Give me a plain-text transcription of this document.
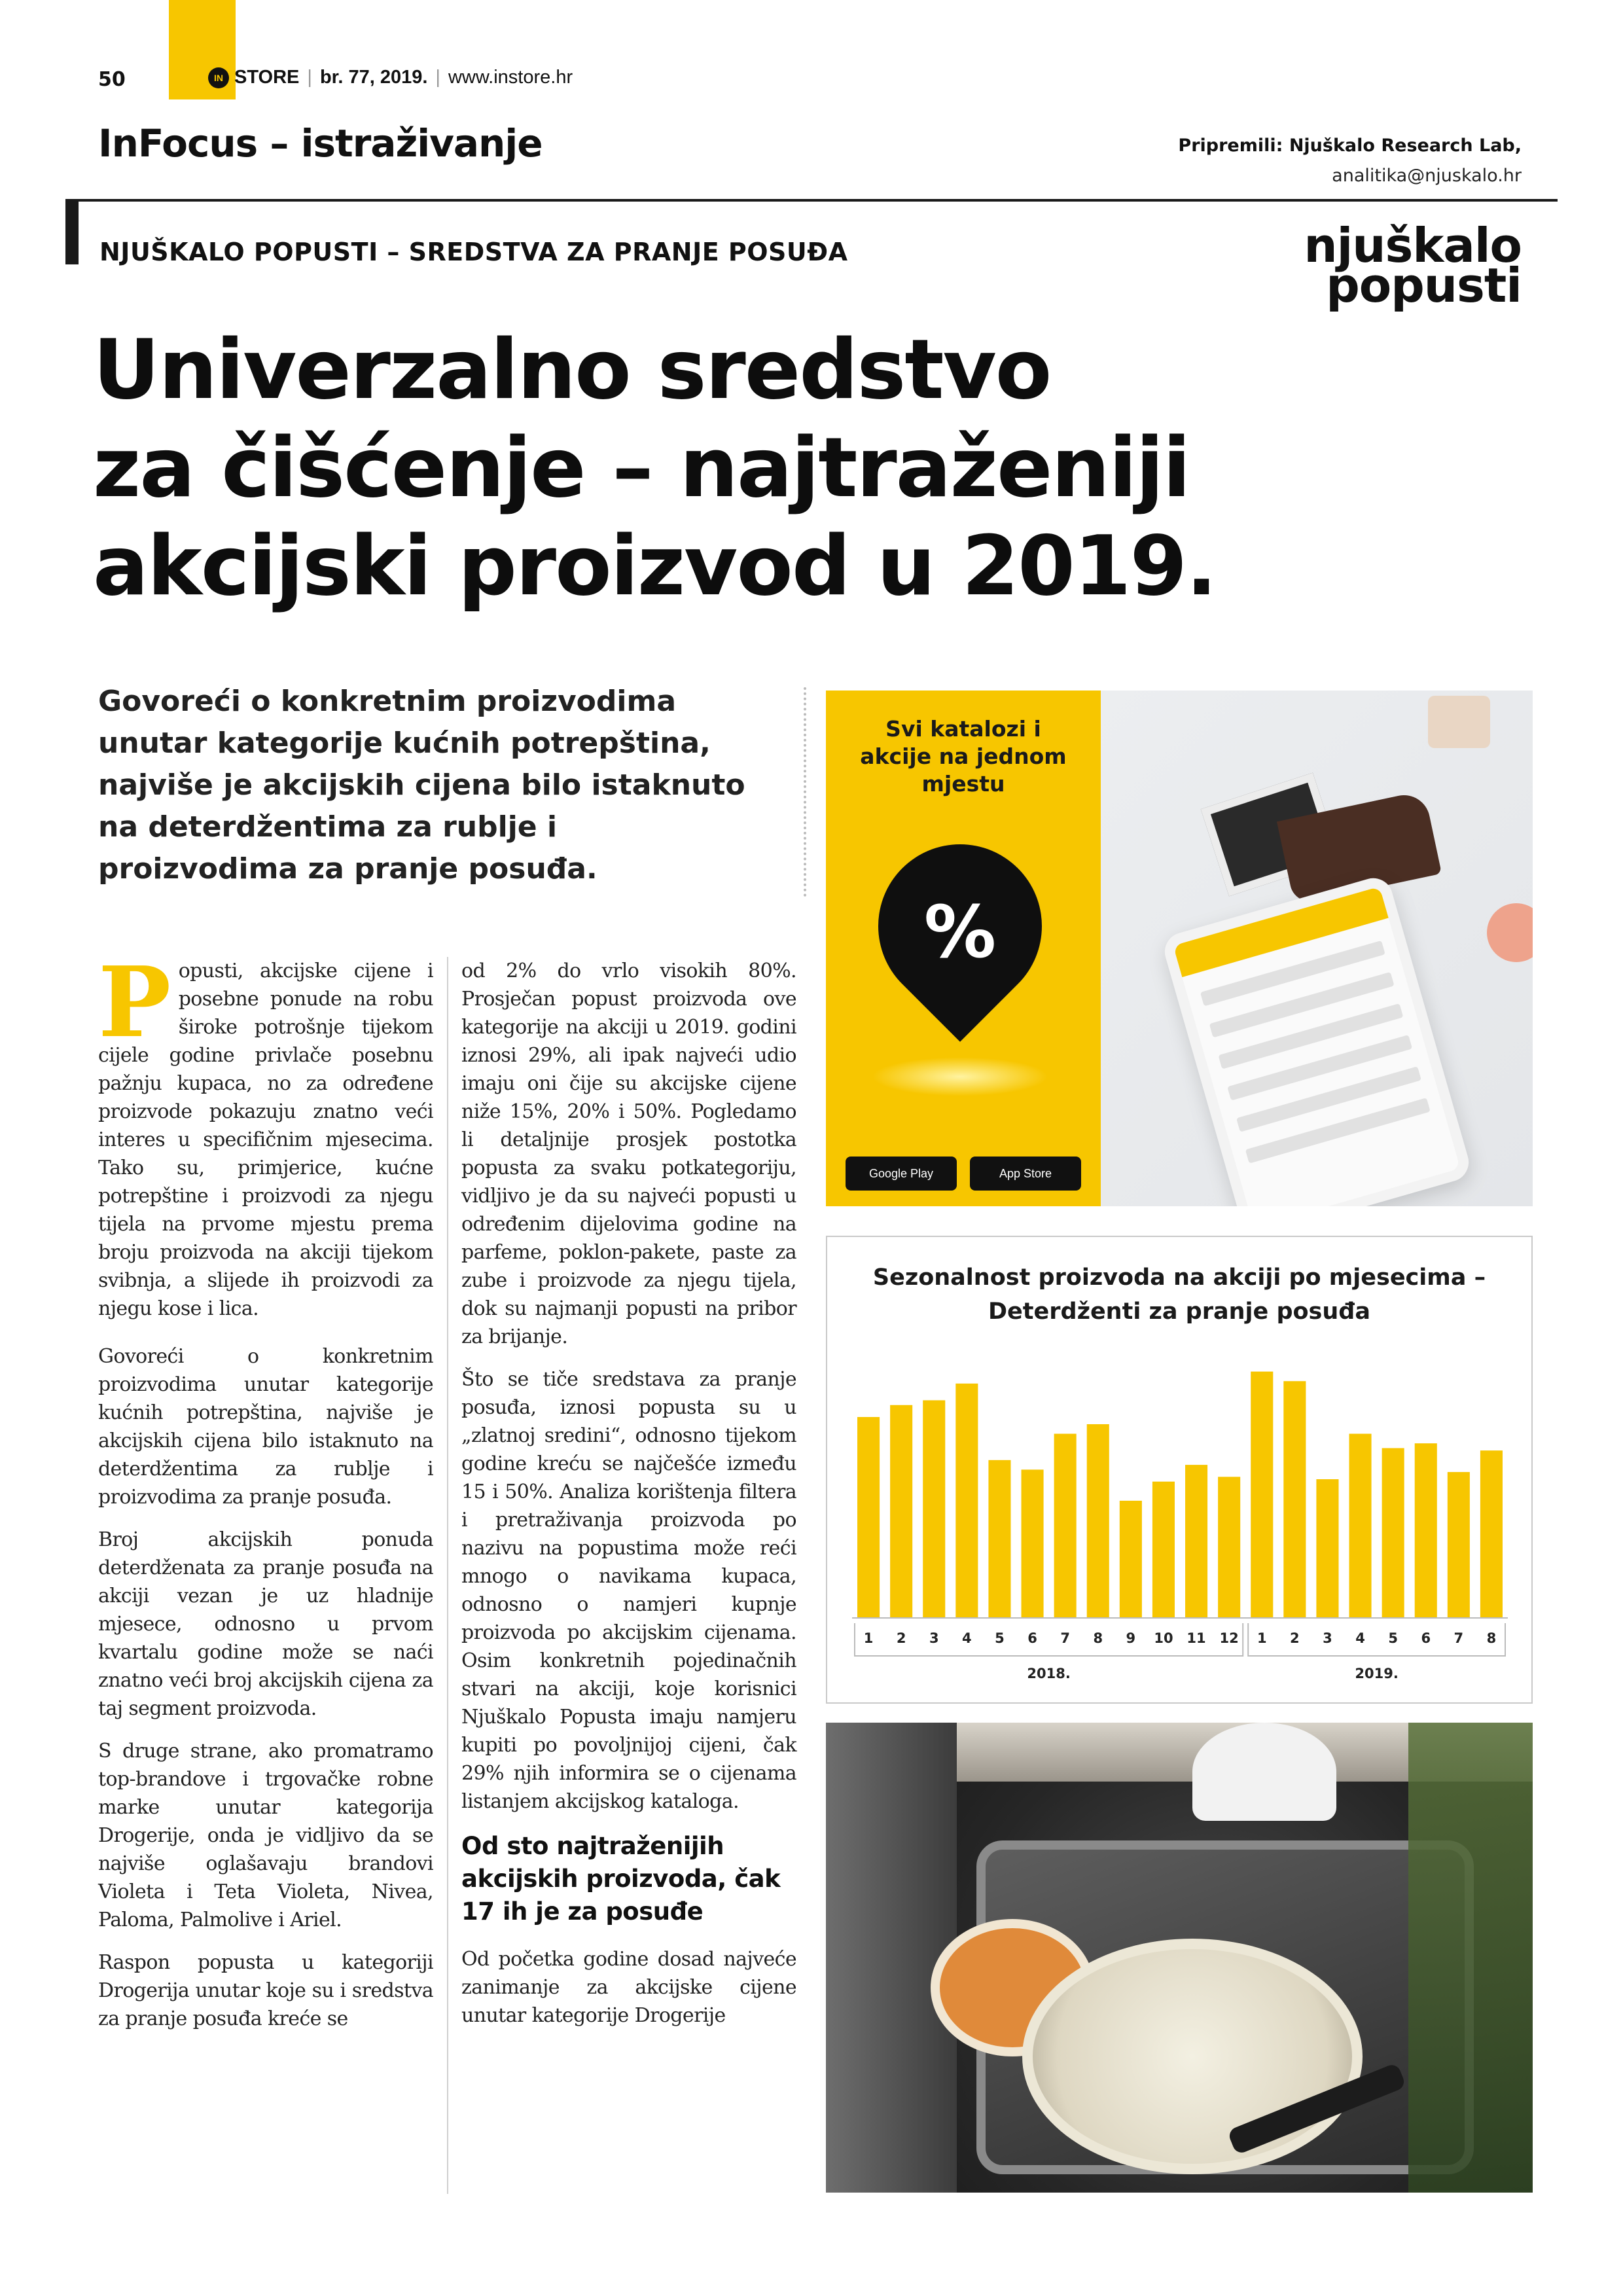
50	IN STORE | br. 77, 2019. | www.instore.hr
InFocus – istraživanje	Pripremili: Njuškalo Research Lab,
analitika@njuskalo.hr
NJUŠKALO POPUSTI – SREDSTVA ZA PRANJE POSUĐA	njuškalo
popusti
Univerzalno sredstvo
za čišćenje – najtraženiji
akcijski proizvod u 2019.
Govoreći o konkretnim proizvodima unutar kategorije kućnih potrepština, najviše je akcijskih cijena bilo istaknuto na deterdžentima za rublje i proizvodima za pranje posuđa.

Popusti, akcijske cijene i posebne ponude na robu široke potrošnje tijekom cijele godine privlače posebnu pažnju kupaca, no za određene proizvode pokazuju znatno veći interes u specifičnim mjesecima. Tako su, primjerice, kućne potrepštine i proizvodi za njegu tijela na prvome mjestu prema broju proizvoda na akciji tijekom svibnja, a slijede ih proizvodi za njegu kose i lica.

Govoreći o konkretnim proizvodima unutar kategorije kućnih potrepština, najviše je akcijskih cijena bilo istaknuto na deterdžentima za rublje i proizvodima za pranje posuđa.

Broj akcijskih ponuda deterdženata za pranje posuđa na akciji vezan je uz hladnije mjesece, odnosno u prvom kvartalu godine može se naći znatno veći broj akcijskih cijena za taj segment proizvoda.

S druge strane, ako promatramo top-brandove i trgovačke robne marke unutar kategorija Drogerije, onda je vidljivo da se najviše oglašavaju brandovi Violeta i Teta Violeta, Nivea, Paloma, Palmolive i Ariel.

Raspon popusta u kategoriji Drogerija unutar koje su i sredstva za pranje posuđa kreće se

od 2% do vrlo visokih 80%. Prosječan popust proizvoda ove kategorije na akciji u 2019. godini iznosi 29%, ali ipak najveći udio imaju oni čije su akcijske cijene niže 15%, 20% i 50%. Pogledamo li detaljnije prosjek postotka popusta za svaku potkategoriju, vidljivo je da su najveći popusti u određenim dijelovima godine na parfeme, poklon-pakete, paste za zube i proizvode za njegu tijela, dok su najmanji popusti na pribor za brijanje.

Što se tiče sredstava za pranje posuđa, iznosi popusta su u „zlatnoj sredini“, odnosno tijekom godine kreću se najčešće između 15 i 50%. Analiza korištenja filtera i pretraživanja proizvoda po nazivu na popustima može reći mnogo o navikama kupaca, odnosno o namjeri kupnje proizvoda po akcijskim cijenama. Osim konkretnih pojedinačnih stvari na akciji, koje korisnici Njuškalo Popusta imaju namjeru kupiti po povoljnijoj cijeni, čak 29% njih informira se o cijenama listanjem akcijskog kataloga.

Od sto najtraženijih akcijskih proizvoda, čak 17 ih je za posuđe

Od početka godine dosad najveće zanimanje za akcijske cijene unutar kategorije Drogerije

Svi katalozi i akcije na jednom mjestu
%
Google Play	App Store
Sezonalnost proizvoda na akciji po mjesecima –
Deterdženti za pranje posuđa
1 2 3 4 5 6 7 8 9 10 11 12 1 2 3 4 5 6 7 8
2018.	2019.
